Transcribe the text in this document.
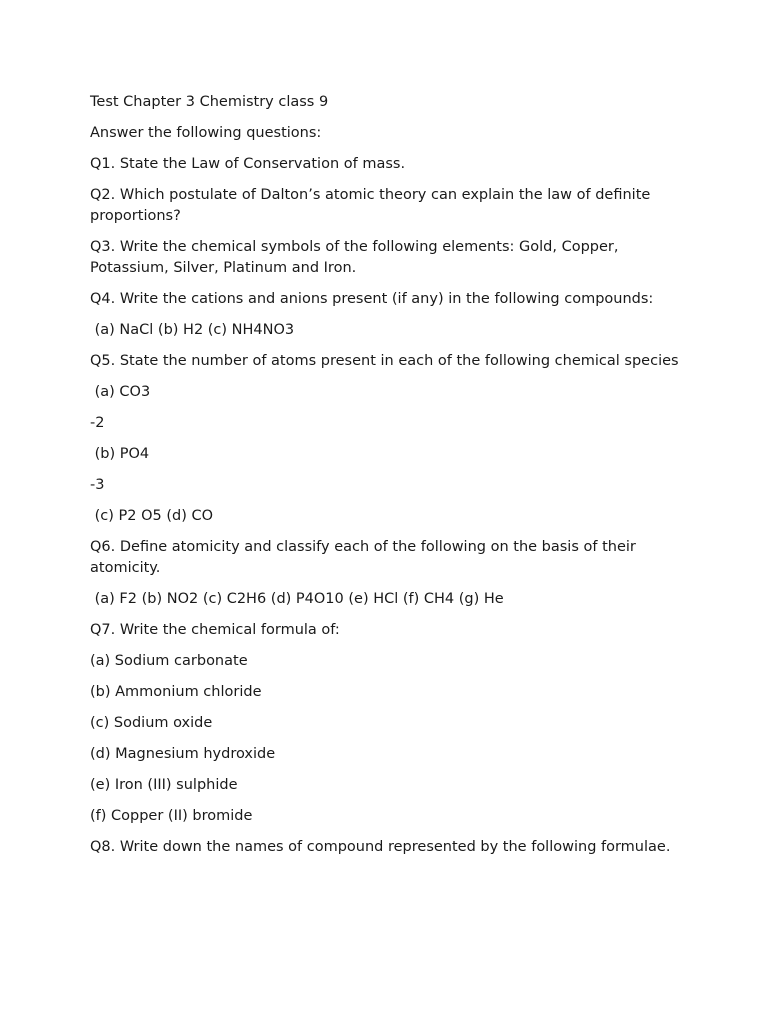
Test Chapter 3 Chemistry class 9

Answer the following questions:

Q1. State the Law of Conservation of mass.

Q2. Which postulate of Dalton’s atomic theory can explain the law of definite proportions?

Q3. Write the chemical symbols of the following elements: Gold, Copper, Potassium, Silver, Platinum and Iron.

Q4. Write the cations and anions present (if any) in the following compounds:

(a) NaCl (b) H2 (c) NH4NO3

Q5. State the number of atoms present in each of the following chemical species

(a) CO3

-2

(b) PO4

-3

(c) P2 O5 (d) CO

Q6. Define atomicity and classify each of the following on the basis of their atomicity.

(a) F2 (b) NO2 (c) C2H6 (d) P4O10 (e) HCl (f) CH4 (g) He

Q7. Write the chemical formula of:

(a) Sodium carbonate

(b) Ammonium chloride

(c) Sodium oxide

(d) Magnesium hydroxide

(e) Iron (III) sulphide

(f) Copper (II) bromide

Q8. Write down the names of compound represented by the following formulae.
